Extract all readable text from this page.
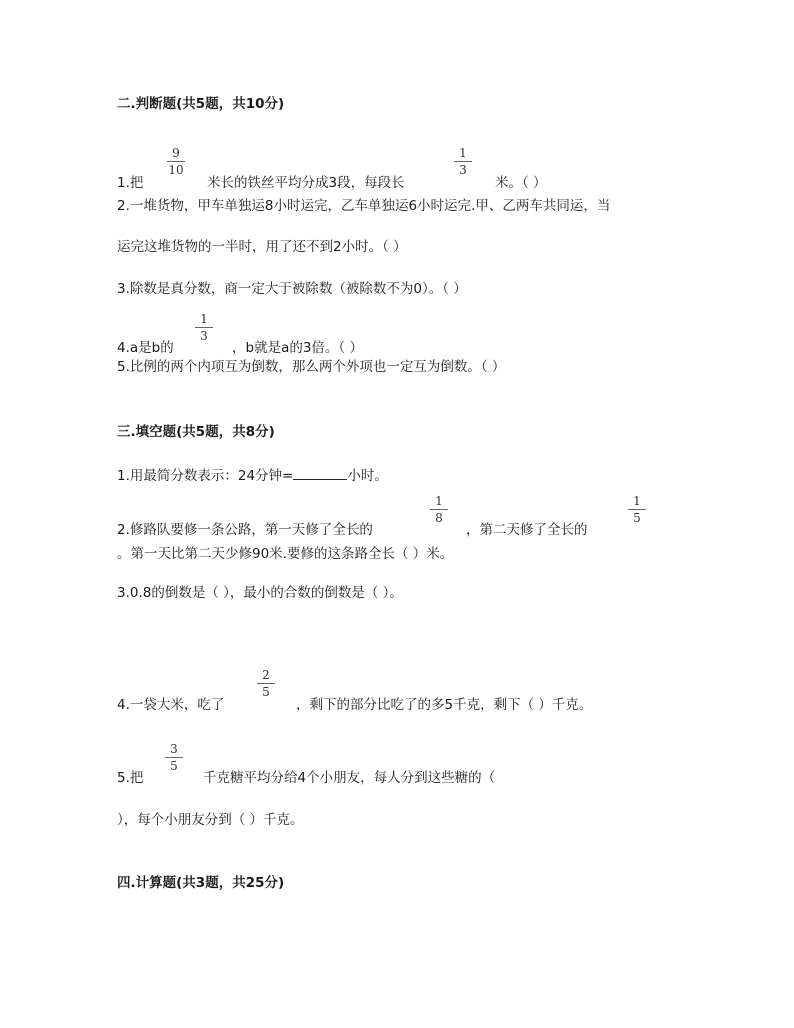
二.判断题(共5题，共10分)
1.把
9
10
米长的铁丝平均分成3段，每段长
1
3
米。（ ）
2.一堆货物，甲车单独运8小时运完，乙车单独运6小时运完.甲、乙两车共同运，当
运完这堆货物的一半时，用了还不到2小时。（ ）
3.除数是真分数，商一定大于被除数（被除数不为0）。（ ）
4.a是b的
1
3
，b就是a的3倍。（ ）
5.比例的两个内项互为倒数，那么两个外项也一定互为倒数。（ ）
三.填空题(共5题，共8分)
1.用最简分数表示：24分钟=	小时。
2.修路队要修一条公路，第一天修了全长的
1
8
，第二天修了全长的
1
5
。第一天比第二天少修90米.要修的这条路全长（ ）米。
3.0.8的倒数是（ ），最小的合数的倒数是（ ）。
4.一袋大米，吃了
2
5
，剩下的部分比吃了的多5千克，剩下（ ）千克。
5.把
3
5
千克糖平均分给4个小朋友，每人分到这些糖的（
），每个小朋友分到（ ）千克。
四.计算题(共3题，共25分)
